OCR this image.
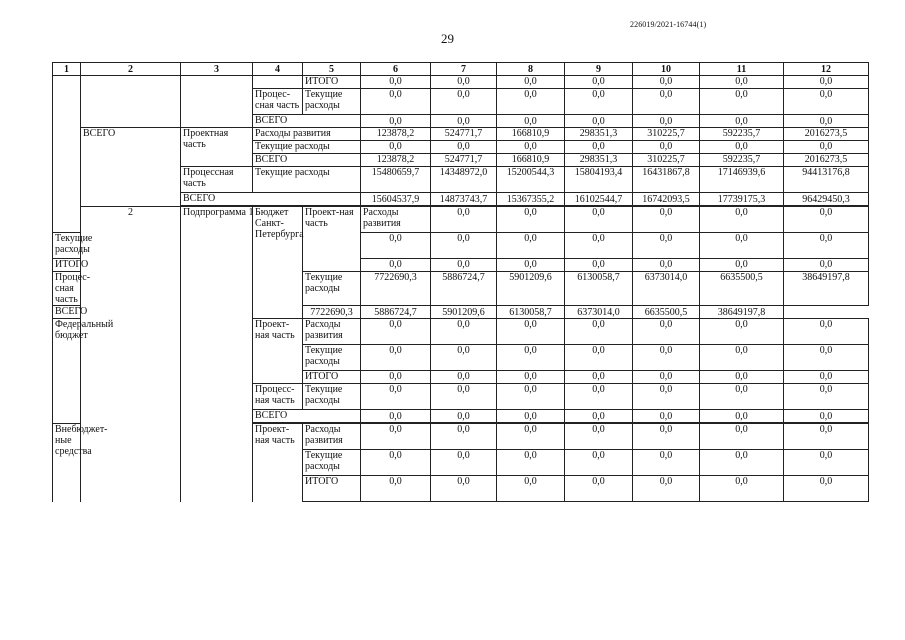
226019/2021-16744(1)
29
1	2	3	4	5	6	7	8	9	10	11	12	
				ИТОГО	0,0	0,0	0,0	0,0	0,0	0,0	0,0	
			Процес-сная часть	Текущие расходы	0,0	0,0	0,0	0,0	0,0	0,0	0,0	
			ВСЕГО		0,0	0,0	0,0	0,0	0,0	0,0	0,0	
	ВСЕГО	Проектная часть	Расходы развития		123878,2	524771,7	166810,9	298351,3	310225,7	592235,7	2016273,5	
			Текущие расходы		0,0	0,0	0,0	0,0	0,0	0,0	0,0	
			ВСЕГО		123878,2	524771,7	166810,9	298351,3	310225,7	592235,7	2016273,5	
		Процессная часть	Текущие расходы		15480659,7	14348972,0	15200544,3	15804193,4	16431867,8	17146939,6	94413176,8	
		ВСЕГО			15604537,9	14873743,7	15367355,2	16102544,7	16742093,5	17739175,3	96429450,3	

	2	Подпрограмма 1	Бюджет Санкт-Петербурга	Проект-ная часть	Расходы развития	0,0	0,0	0,0	0,0	0,0	0,0	
Текущие расходы					0,0	0,0	0,0	0,0	0,0	0,0	0,0	
ИТОГО					0,0	0,0	0,0	0,0	0,0	0,0	0,0	
Процес-сная часть				Текущие расходы	7722690,3	5886724,7	5901209,6	6130058,7	6373014,0	6635500,5	38649197,8	
ВСЕГО				7722690,3	5886724,7	5901209,6	6130058,7	6373014,0	6635500,5	38649197,8		
Федеральный бюджет			Проект-ная часть	Расходы развития	0,0	0,0	0,0	0,0	0,0	0,0	0,0	
				Текущие расходы	0,0	0,0	0,0	0,0	0,0	0,0	0,0	
				ИТОГО	0,0	0,0	0,0	0,0	0,0	0,0	0,0	
			Процесс-ная часть	Текущие расходы	0,0	0,0	0,0	0,0	0,0	0,0	0,0	
			ВСЕГО		0,0	0,0	0,0	0,0	0,0	0,0	0,0	

Внебюджет-ные средства			Проект-ная часть	Расходы развития	0,0	0,0	0,0	0,0	0,0	0,0	0,0	
				Текущие расходы	0,0	0,0	0,0	0,0	0,0	0,0	0,0	
				ИТОГО	0,0	0,0	0,0	0,0	0,0	0,0	0,0	
